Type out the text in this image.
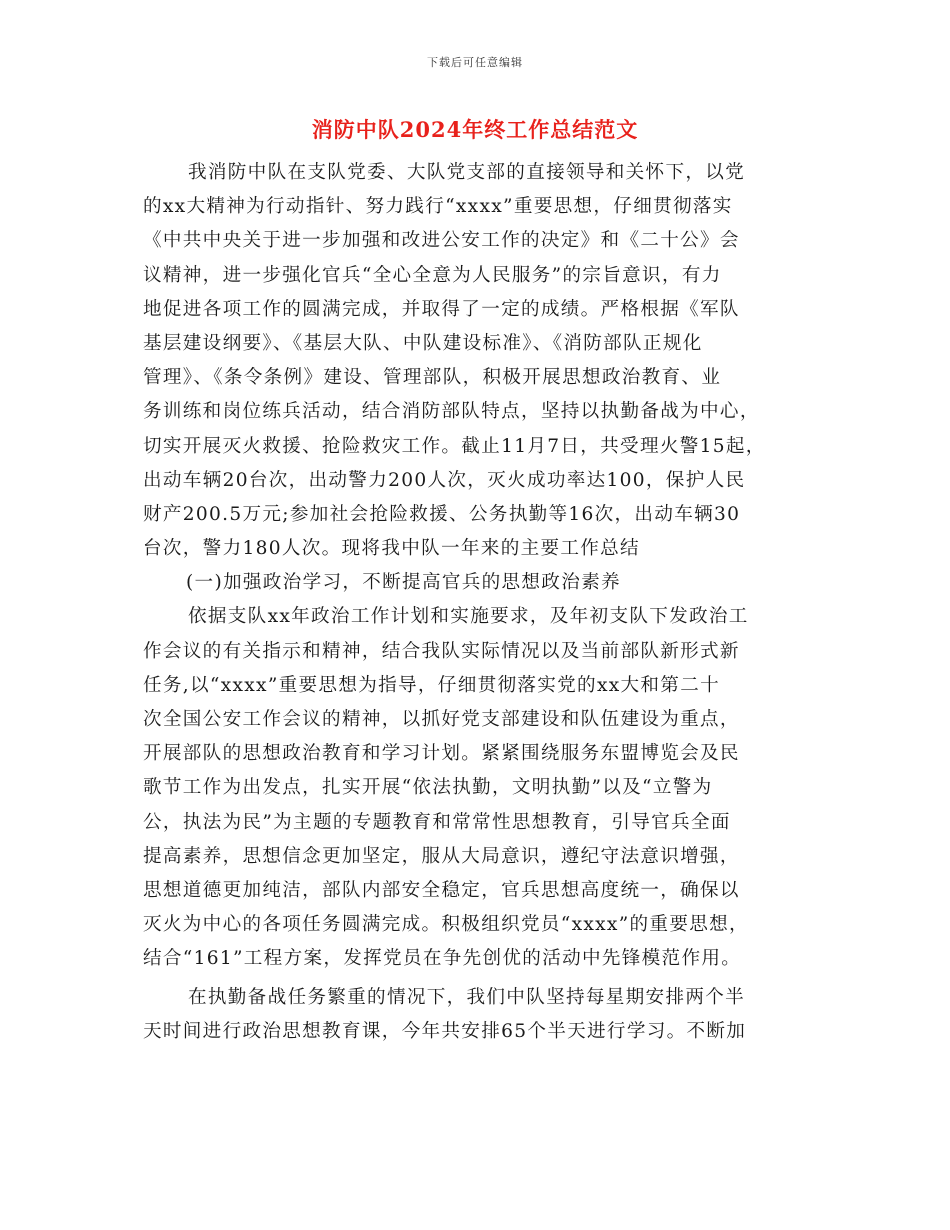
下载后可任意编辑
消防中队2024年终工作总结范文
我消防中队在支队党委、大队党支部的直接领导和关怀下，以党
的xx大精神为行动指针、努力践行“xxxx”重要思想，仔细贯彻落实
《中共中央关于进一步加强和改进公安工作的决定》和《二十公》会
议精神，进一步强化官兵“全心全意为人民服务”的宗旨意识，有力
地促进各项工作的圆满完成，并取得了一定的成绩。严格根据《军队
基层建设纲要》、《基层大队、中队建设标准》、《消防部队正规化
管理》、《条令条例》建设、管理部队，积极开展思想政治教育、业
务训练和岗位练兵活动，结合消防部队特点，坚持以执勤备战为中心，
切实开展灭火救援、抢险救灾工作。截止11月7日，共受理火警15起，
出动车辆20台次，出动警力200人次，灭火成功率达100，保护人民
财产200.5万元;参加社会抢险救援、公务执勤等16次，出动车辆30
台次，警力180人次。现将我中队一年来的主要工作总结
(一)加强政治学习，不断提高官兵的思想政治素养
依据支队xx年政治工作计划和实施要求，及年初支队下发政治工
作会议的有关指示和精神，结合我队实际情况以及当前部队新形式新
任务,以“xxxx”重要思想为指导，仔细贯彻落实党的xx大和第二十
次全国公安工作会议的精神，以抓好党支部建设和队伍建设为重点，
开展部队的思想政治教育和学习计划。紧紧围绕服务东盟博览会及民
歌节工作为出发点，扎实开展“依法执勤，文明执勤”以及“立警为
公，执法为民”为主题的专题教育和常常性思想教育，引导官兵全面
提高素养，思想信念更加坚定，服从大局意识，遵纪守法意识增强，
思想道德更加纯洁，部队内部安全稳定，官兵思想高度统一，确保以
灭火为中心的各项任务圆满完成。积极组织党员“xxxx”的重要思想，
结合“161”工程方案，发挥党员在争先创优的活动中先锋模范作用。
在执勤备战任务繁重的情况下，我们中队坚持每星期安排两个半
天时间进行政治思想教育课，今年共安排65个半天进行学习。不断加
